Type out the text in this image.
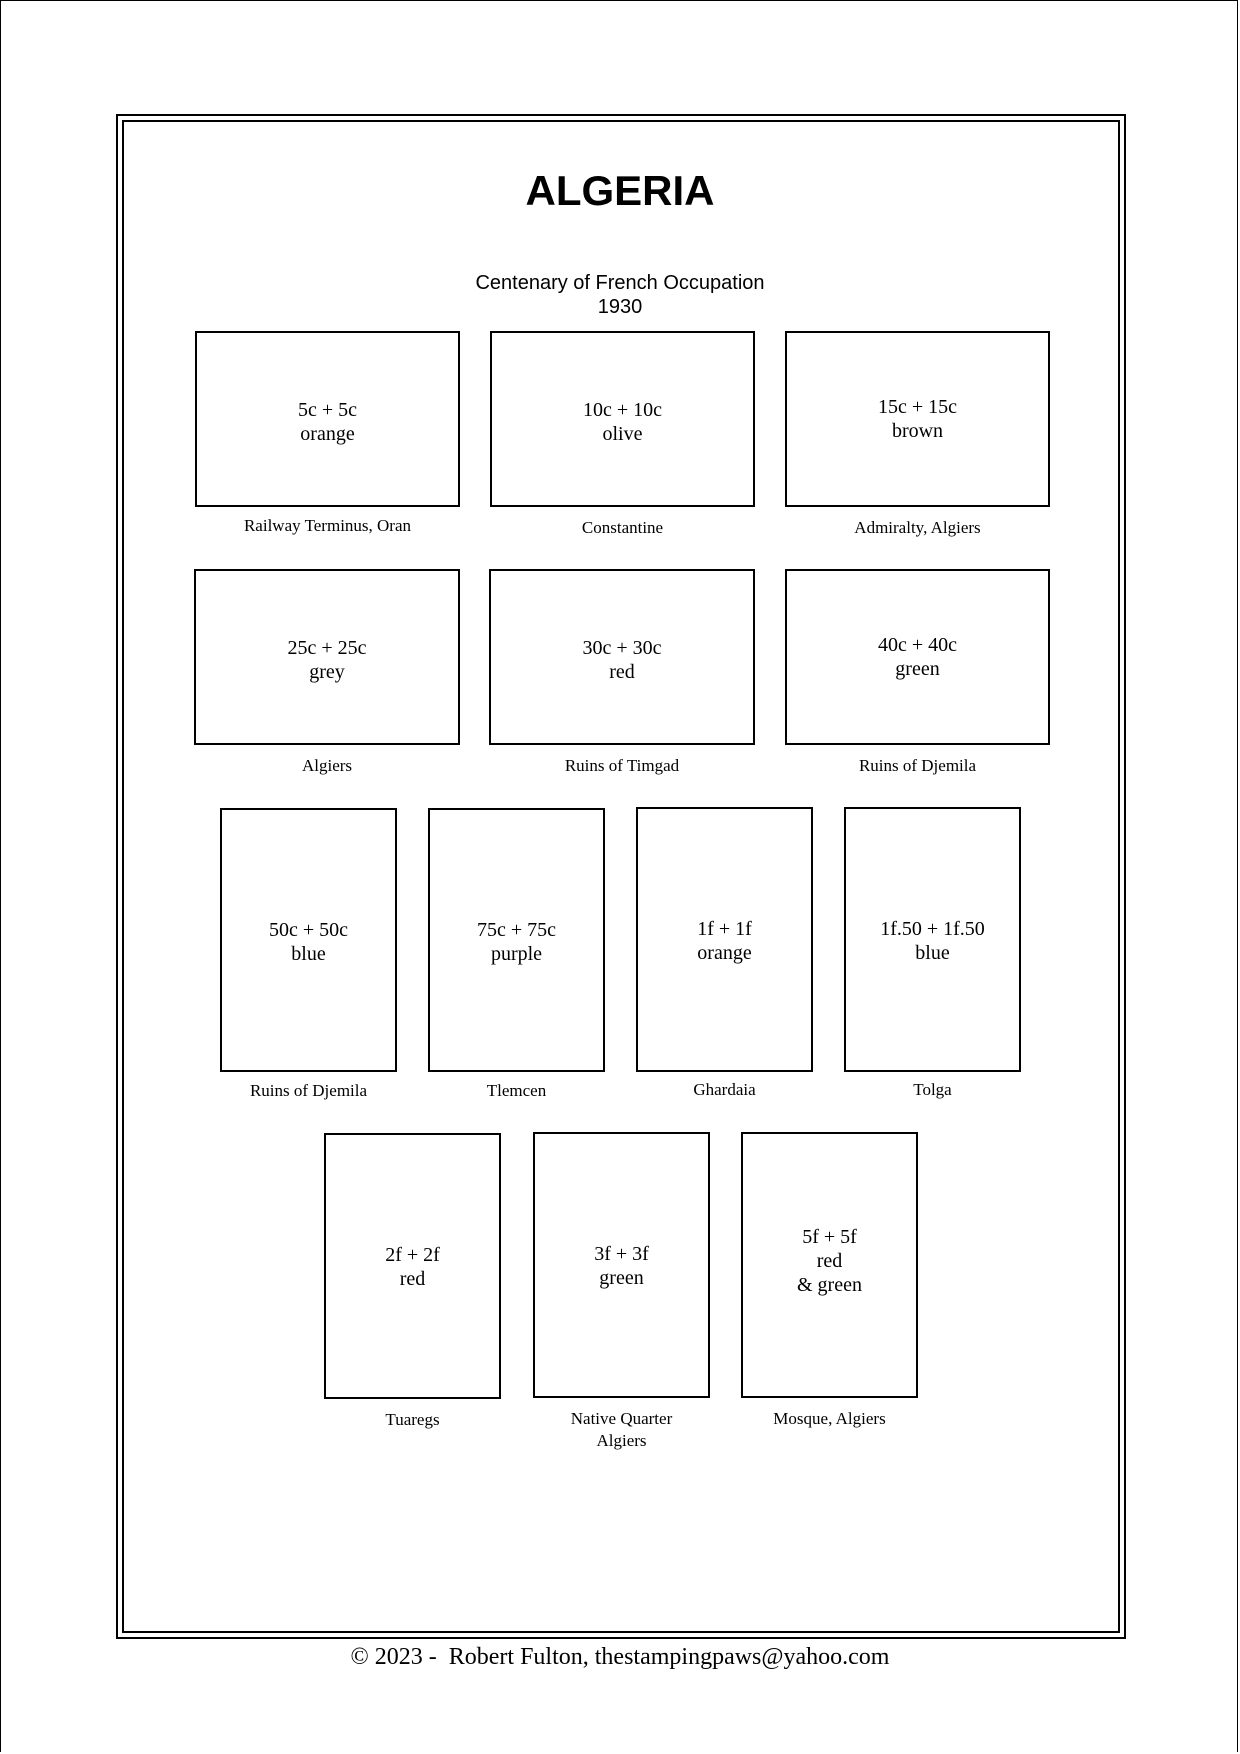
ALGERIA
Centenary of French Occupation
1930
5c + 5c
orange
Railway Terminus, Oran
10c + 10c
olive
Constantine
15c + 15c
brown
Admiralty, Algiers
25c + 25c
grey
Algiers
30c + 30c
red
Ruins of Timgad
40c + 40c
green
Ruins of Djemila
50c + 50c
blue
Ruins of Djemila
75c + 75c
purple
Tlemcen
1f + 1f
orange
Ghardaia
1f.50 + 1f.50
blue
Tolga
2f + 2f
red
Tuaregs
3f + 3f
green
Native Quarter
Algiers
5f + 5f
red
& green
Mosque, Algiers
© 2023 -  Robert Fulton, thestampingpaws@yahoo.com
